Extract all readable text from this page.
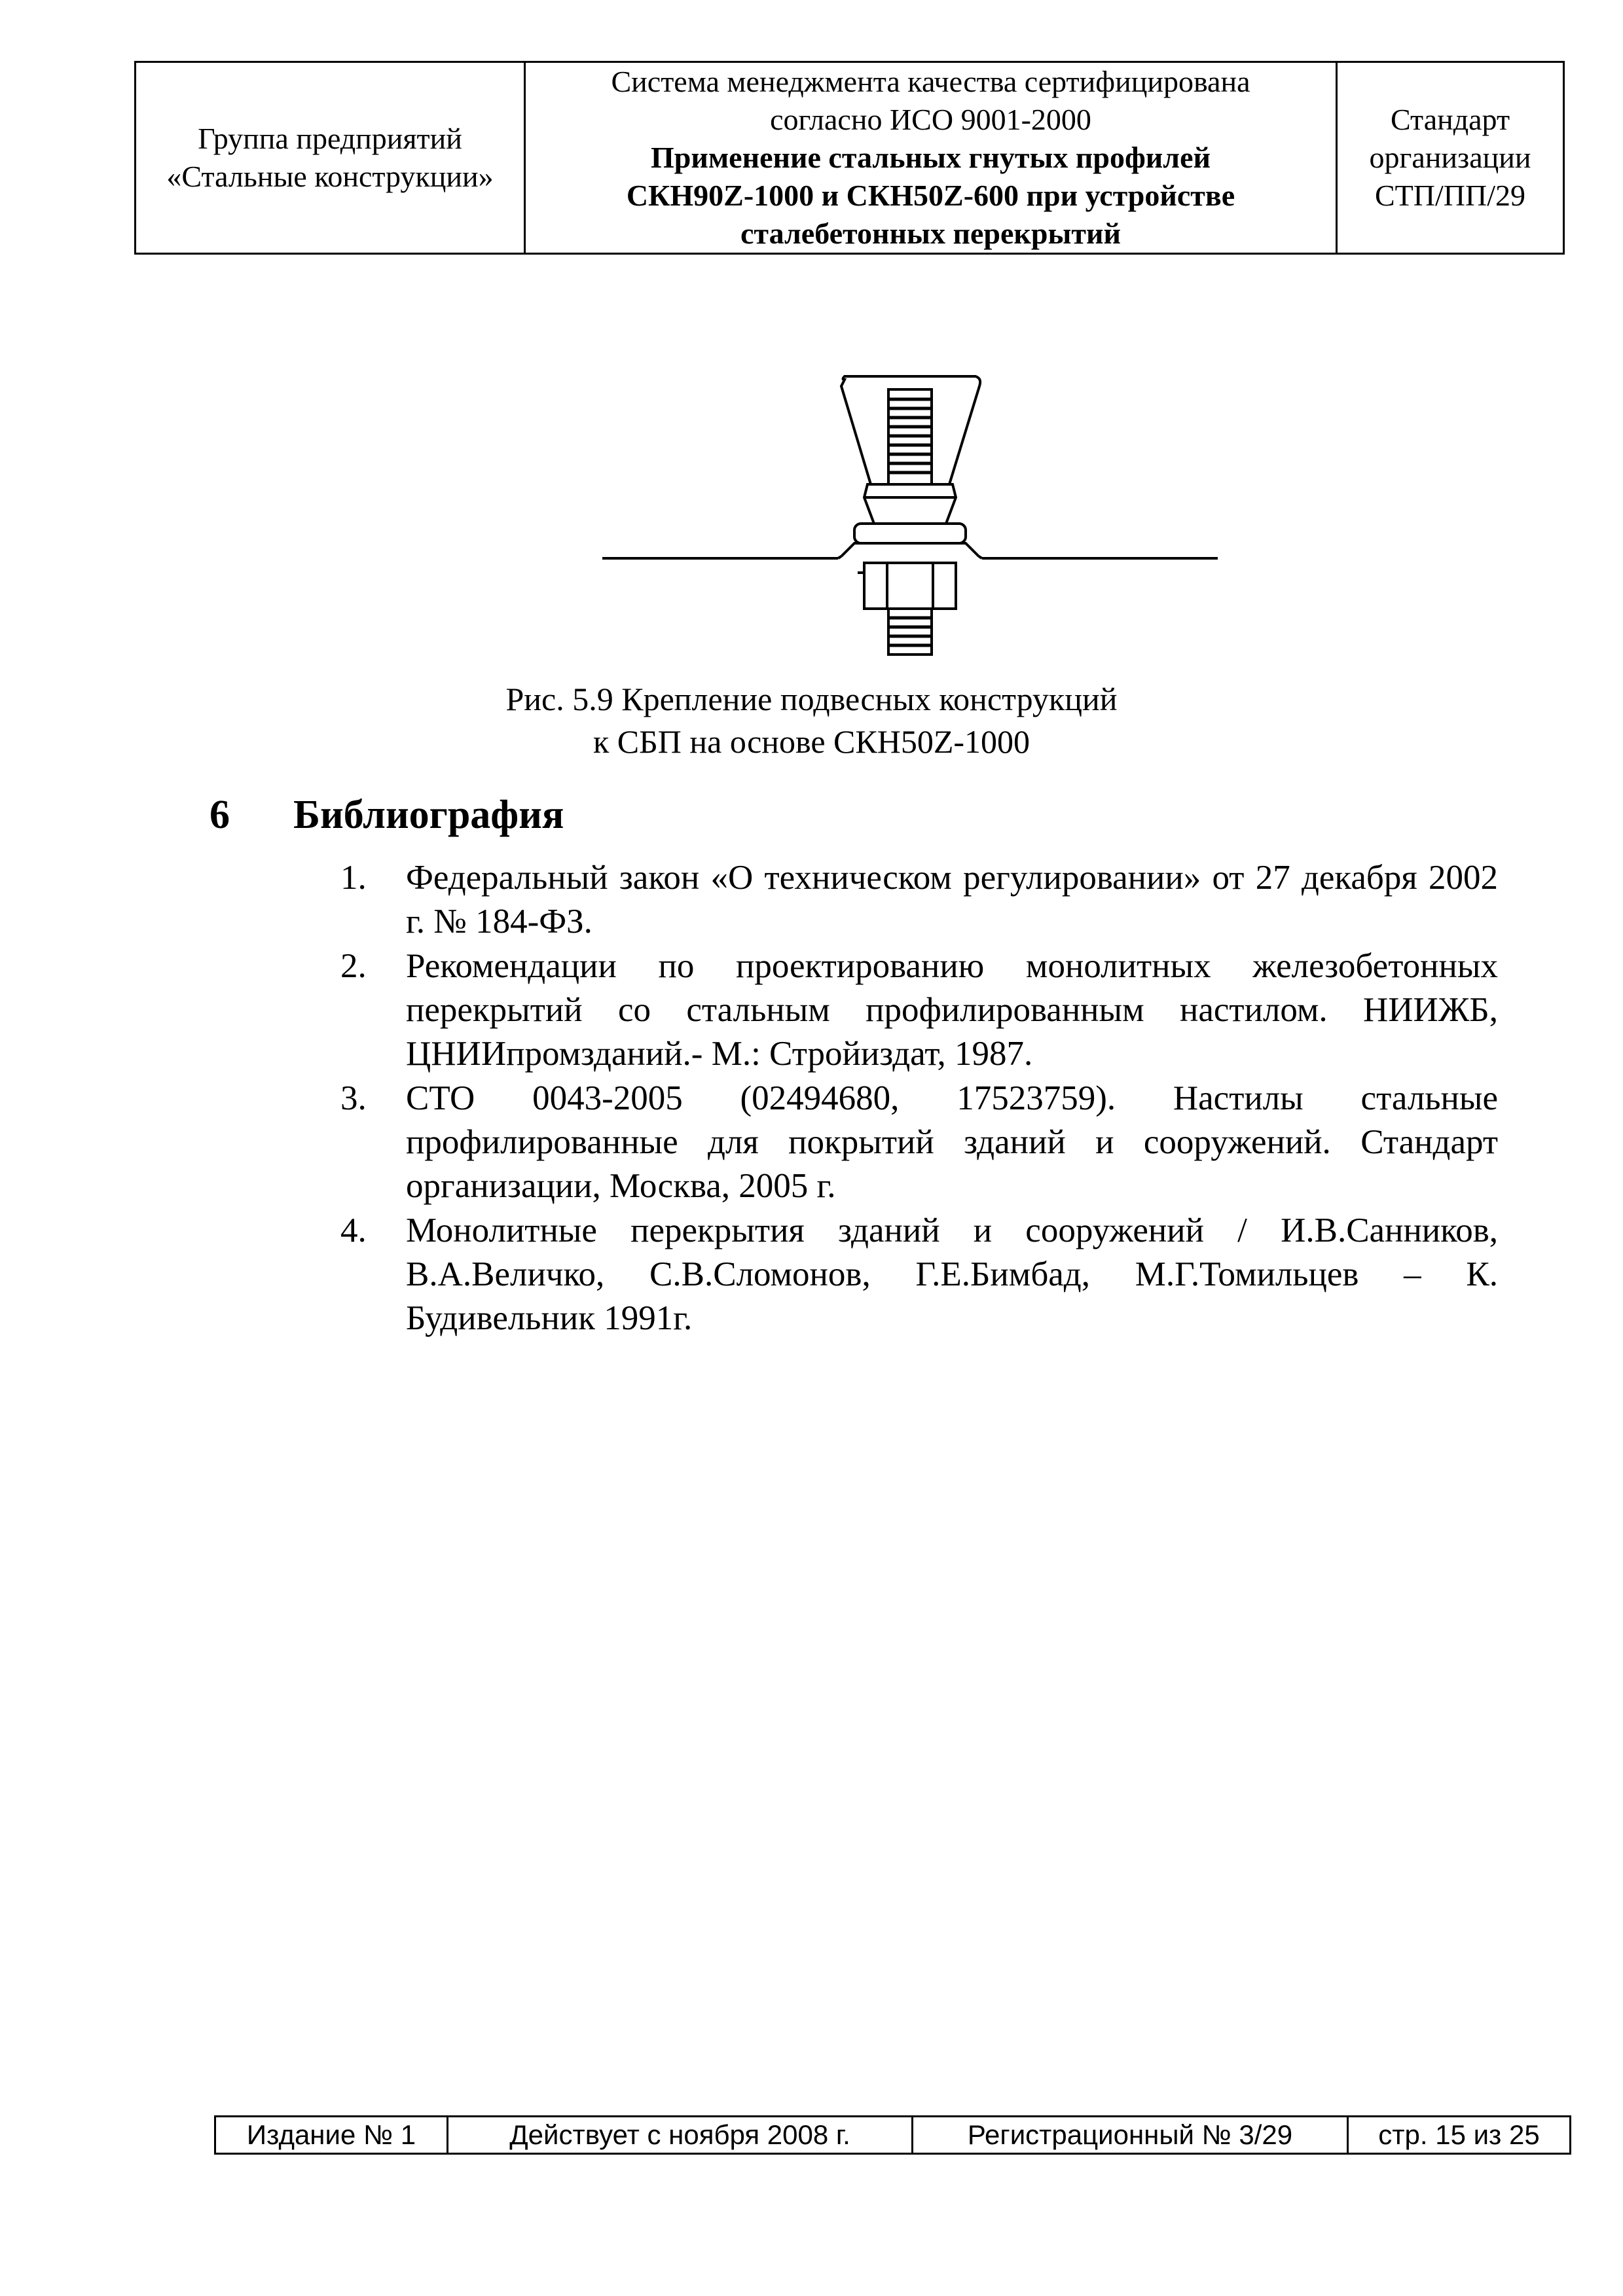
Группа предприятий
«Стальные конструкции»

Система менеджмента качества сертифицирована
согласно ИСО 9001-2000
Применение стальных гнутых профилей
СКН90Z-1000 и СКН50Z-600 при устройстве
сталебетонных перекрытий

Стандарт
организации
СТП/ПП/29
Рис. 5.9 Крепление подвесных конструкций
к СБП на основе СКН50Z-1000
6 Библиография
1. Федеральный закон «О техническом регулировании» от 27 декабря 2002 г. № 184-ФЗ.
2. Рекомендации по проектированию монолитных железобетонных перекрытий со стальным профилированным настилом. НИИЖБ, ЦНИИпромзданий.- М.: Стройиздат, 1987.
3. СТО 0043-2005 (02494680, 17523759). Настилы стальные профилированные для покрытий зданий и сооружений. Стандарт организации, Москва, 2005 г.
4. Монолитные перекрытия зданий и сооружений / И.В.Санников, В.А.Величко, С.В.Сломонов, Г.Е.Бимбад, М.Г.Томильцев – К. Будивельник 1991г.
Издание № 1	Действует с ноября 2008 г.	Регистрационный № 3/29	стр. 15 из 25
